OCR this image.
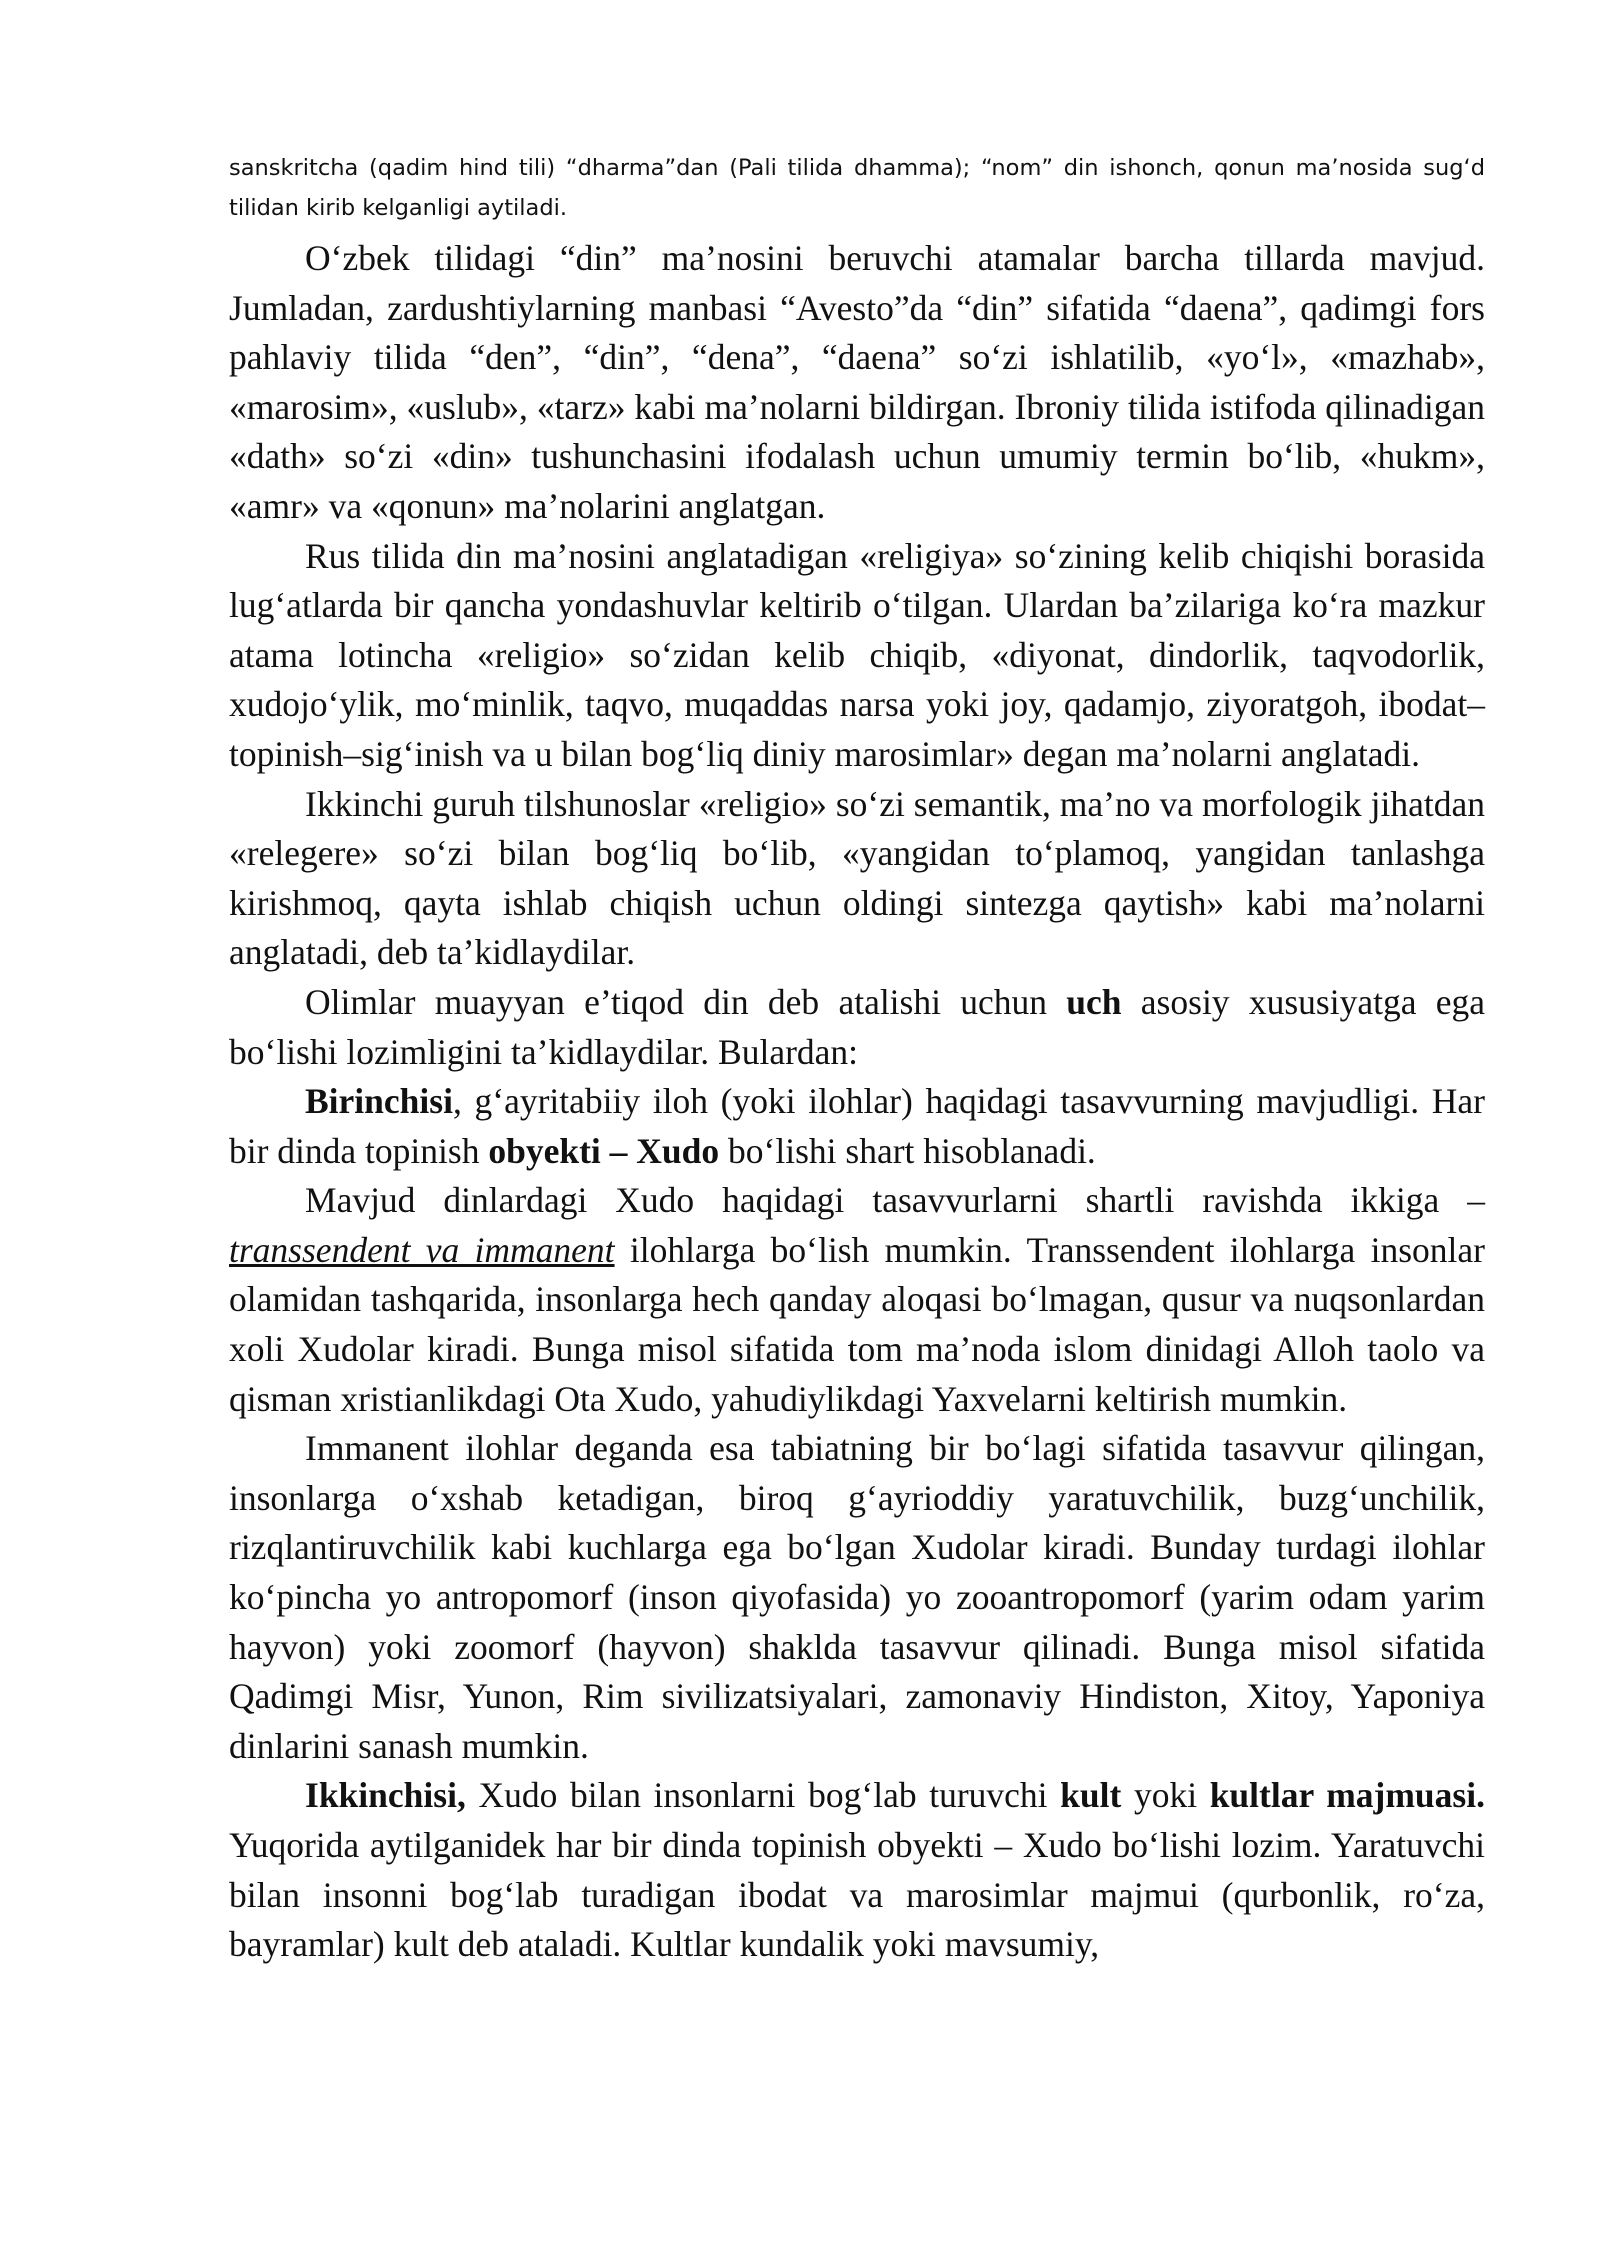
sanskritcha (qadim hind tili) “dharma”dan (Pali tilida dhamma); “nom” din ishonch, qonun ma’nosida sug‘d tilidan kirib kelganligi aytiladi.

O‘zbek tilidagi “din” ma’nosini beruvchi atamalar barcha tillarda mavjud. Jumladan, zardushtiylarning manbasi “Avesto”da “din” sifatida “daena”, qadimgi fors pahlaviy tilida “den”, “din”, “dena”, “daena” so‘zi ishlatilib, «yo‘l», «mazhab», «marosim», «uslub», «tarz» kabi ma’nolarni bildirgan. Ibroniy tilida istifoda qilinadigan «dath» so‘zi «din» tushunchasini ifodalash uchun umumiy termin bo‘lib, «hukm», «amr» va «qonun» ma’nolarini anglatgan.

Rus tilida din ma’nosini anglatadigan «religiya» so‘zining kelib chiqishi borasida lug‘atlarda bir qancha yondashuvlar keltirib o‘tilgan. Ulardan ba’zilariga ko‘ra mazkur atama lotincha «religio» so‘zidan kelib chiqib, «diyonat, dindorlik, taqvodorlik, xudojo‘ylik, mo‘minlik, taqvo, muqaddas narsa yoki joy, qadamjo, ziyoratgoh, ibodat–topinish–sig‘inish va u bilan bog‘liq diniy marosimlar» degan ma’nolarni anglatadi.

Ikkinchi guruh tilshunoslar «religio» so‘zi semantik, ma’no va morfologik jihatdan «relegere» so‘zi bilan bog‘liq bo‘lib, «yangidan to‘plamoq, yangidan tanlashga kirishmoq, qayta ishlab chiqish uchun oldingi sintezga qaytish» kabi ma’nolarni anglatadi, deb ta’kidlaydilar.

Olimlar muayyan e’tiqod din deb atalishi uchun uch asosiy xususiyatga ega bo‘lishi lozimligini ta’kidlaydilar. Bulardan:

Birinchisi, g‘ayritabiiy iloh (yoki ilohlar) haqidagi tasavvurning mavjudligi. Har bir dinda topinish obyekti – Xudo bo‘lishi shart hisoblanadi.

Mavjud dinlardagi Xudo haqidagi tasavvurlarni shartli ravishda ikkiga – transsendent va immanent ilohlarga bo‘lish mumkin. Transsendent ilohlarga insonlar olamidan tashqarida, insonlarga hech qanday aloqasi bo‘lmagan, qusur va nuqsonlardan xoli Xudolar kiradi. Bunga misol sifatida tom ma’noda islom dinidagi Alloh taolo va qisman xristianlikdagi Ota Xudo, yahudiylikdagi Yaxvelarni keltirish mumkin.

Immanent ilohlar deganda esa tabiatning bir bo‘lagi sifatida tasavvur qilingan, insonlarga o‘xshab ketadigan, biroq g‘ayrioddiy yaratuvchilik, buzg‘unchilik, rizqlantiruvchilik kabi kuchlarga ega bo‘lgan Xudolar kiradi. Bunday turdagi ilohlar ko‘pincha yo antropomorf (inson qiyofasida) yo zooantropomorf (yarim odam yarim hayvon) yoki zoomorf (hayvon) shaklda tasavvur qilinadi. Bunga misol sifatida Qadimgi Misr, Yunon, Rim sivilizatsiyalari, zamonaviy Hindiston, Xitoy, Yaponiya dinlarini sanash mumkin.

Ikkinchisi, Xudo bilan insonlarni bog‘lab turuvchi kult yoki kultlar majmuasi. Yuqorida aytilganidek har bir dinda topinish obyekti – Xudo bo‘lishi lozim. Yaratuvchi bilan insonni bog‘lab turadigan ibodat va marosimlar majmui (qurbonlik, ro‘za, bayramlar) kult deb ataladi. Kultlar kundalik yoki mavsumiy,
